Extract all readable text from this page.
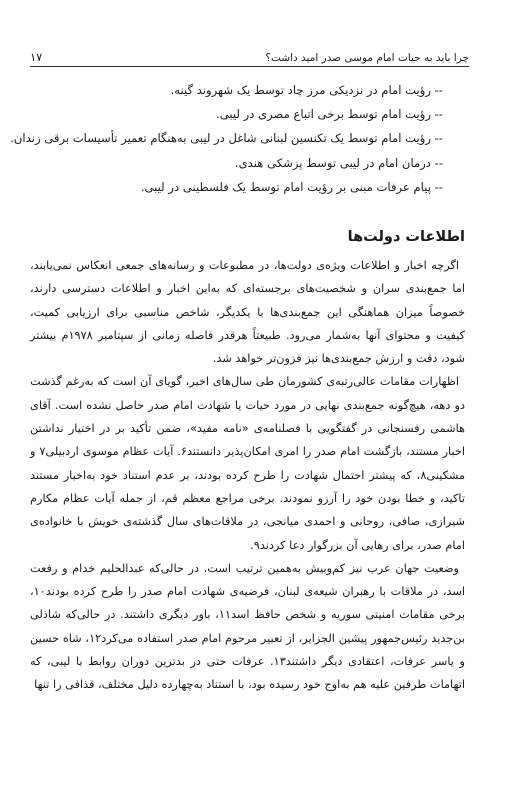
چرا باید به حیات امام موسی صدر امید داشت؟
۱۷
-- رؤیت امام در نزدیکی مرز چاد توسط یک شهروند گینه.
-- رؤیت امام توسط برخی اتباع مصری در لیبی.
-- رؤیت امام توسط یک تکنسین لبنانی شاغل در لیبی به‌هنگام تعمیر تأسیسات برقی زندان.
-- درمان امام در لیبی توسط پزشکی هندی.
-- پیام عرفات مبنی بر رؤیت امام توسط یک فلسطینی در لیبی.
اطلاعات دولت‌ها

اگرچه اخبار و اطلاعات ویژه‌ی دولت‌ها، در مطبوعات و رسانه‌های جمعی انعکاس نمی‌یابند، اما جمع‌بندی سران و شخصیت‌های برجسته‌ای که به‌این اخبار و اطلاعات دسترسی دارند، خصوصاً میزان هماهنگی این جمع‌بندی‌ها با یکدیگر، شاخص مناسبی برای ارزیابی کمیت، کیفیت و محتوای آنها به‌شمار می‌رود. طبیعتاً هرقدر فاصله زمانی از سپتامبر ۱۹۷۸م بیشتر شود، دقت و ارزش جمع‌بندی‌ها نیز فزون‌تر خواهد شد.

اظهارات مقامات عالی‌رتبه‌ی کشورمان طی سال‌های اخیر، گویای آن است که به‌رغم گذشت دو دهه، هیچ‌گونه جمع‌بندی نهایی در مورد حیات یا شهادت امام صدر حاصل نشده است. آقای هاشمی رفسنجانی در گفتگویی با فصلنامه‌ی «نامه مفید»، ضمن تأکید بر در اختیار نداشتن اخبار مستند، بازگشت امام صدر را امری امکان‌پذیر دانستند۶. آیات عظام موسوی اردبیلی۷ و مشکینی۸، که پیشتر احتمال شهادت را طرح کرده بودند، بر عدم استناد خود به‌اخبار مستند تاکید، و خطا بودن خود را آرزو نمودند. برخی مراجع معظم قم، از جمله آیات عظام مکارم شیرازی، صافی، روحانی و احمدی میانجی، در ملاقات‌های سال گذشته‌ی خویش با خانواده‌ی امام صدر، برای رهایی آن بزرگوار دعا کردند۹.

وضعیت جهان عرب نیز کم‌وبیش به‌همین ترتیب است. در حالی‌که عبدالحلیم خدام و رفعت اسد، در ملاقات با رهبران شیعه‌ی لبنان، فرضیه‌ی شهادت امام صدر را طرح کرده بودند۱۰، برخی مقامات امنیتی سوریه و شخص حافظ اسد۱۱، باور دیگری داشتند. در حالی‌که شاذلی بن‌جدید رئیس‌جمهور پیشین الجزایر، از تعبیر مرحوم امام صدر استفاده می‌کرد۱۲، شاه حسین و یاسر عرفات، اعتقادی دیگر داشتند۱۳. عرفات حتی در بدترین دوران روابط با لیبی، که اتهامات طرفین علیه هم به‌اوج خود رسیده بود، با استناد به‌چهارده دلیل مختلف، قذافی را تنها
